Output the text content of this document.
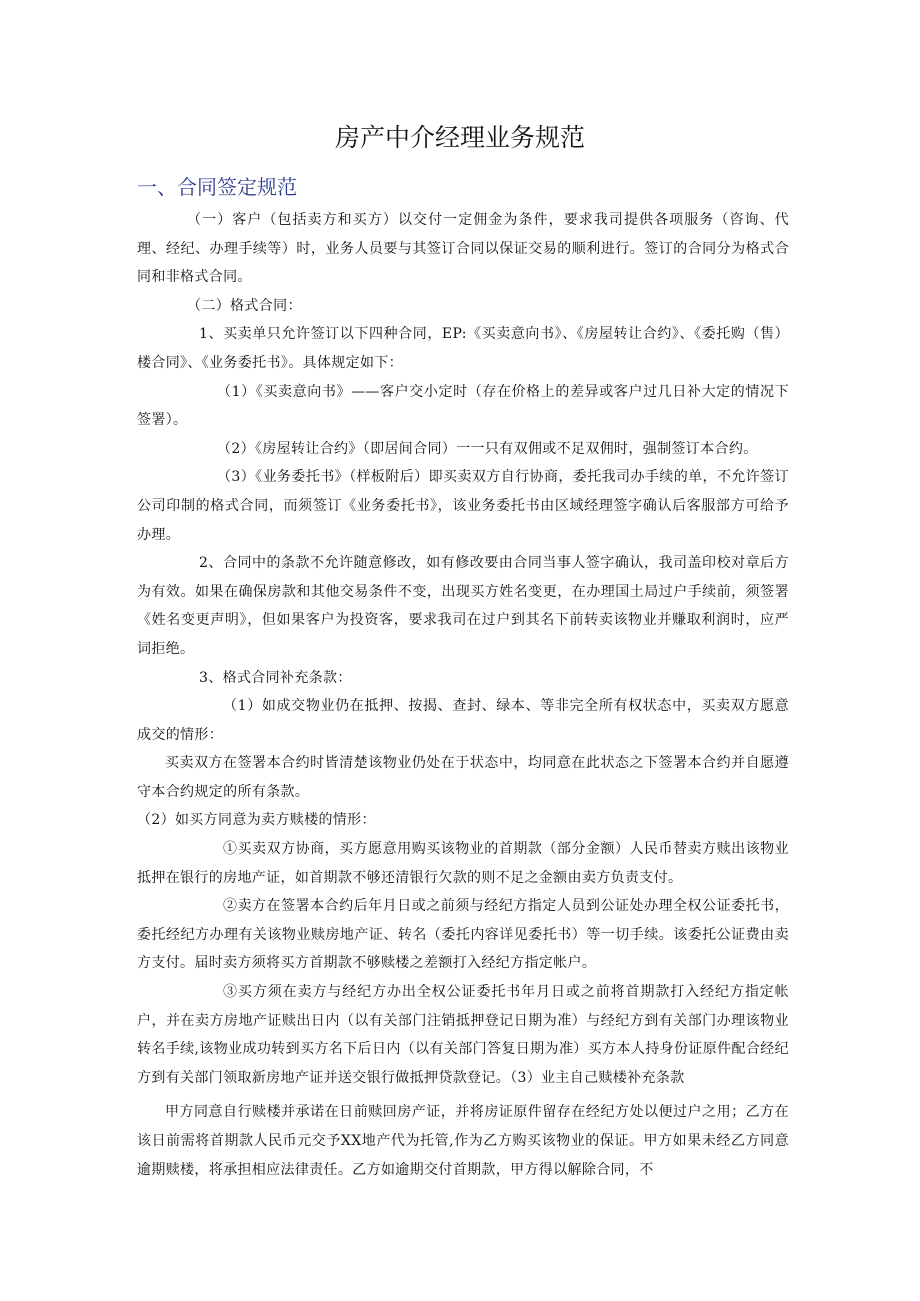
房产中介经理业务规范
一、合同签定规范

（一）客户（包括卖方和买方）以交付一定佣金为条件，要求我司提供各项服务（咨询、代理、经纪、办理手续等）时，业务人员要与其签订合同以保证交易的顺利进行。签订的合同分为格式合同和非格式合同。

（二）格式合同：

1、买卖单只允许签订以下四种合同，EP:《买卖意向书》、《房屋转让合约》、《委托购（售）楼合同》、《业务委托书》。具体规定如下：

（1）《买卖意向书》——客户交小定时（存在价格上的差异或客户过几日补大定的情况下签署）。

（2）《房屋转让合约》（即居间合同）一一只有双佣或不足双佣时，强制签订本合约。

（3）《业务委托书》（样板附后）即买卖双方自行协商，委托我司办手续的单，不允许签订公司印制的格式合同，而须签订《业务委托书》，该业务委托书由区域经理签字确认后客服部方可给予办理。

2、合同中的条款不允许随意修改，如有修改要由合同当事人签字确认，我司盖印校对章后方为有效。如果在确保房款和其他交易条件不变，出现买方姓名变更，在办理国土局过户手续前，须签署《姓名变更声明》，但如果客户为投资客，要求我司在过户到其名下前转卖该物业并赚取利润时，应严词拒绝。

3、格式合同补充条款：

（1）如成交物业仍在抵押、按揭、查封、绿本、等非完全所有权状态中，买卖双方愿意成交的情形：

买卖双方在签署本合约时皆清楚该物业仍处在于状态中，均同意在此状态之下签署本合约并自愿遵守本合约规定的所有条款。

（2）如买方同意为卖方赎楼的情形：

①买卖双方协商，买方愿意用购买该物业的首期款（部分金额）人民币替卖方赎出该物业抵押在银行的房地产证，如首期款不够还清银行欠款的则不足之金额由卖方负责支付。

②卖方在签署本合约后年月日或之前须与经纪方指定人员到公证处办理全权公证委托书，委托经纪方办理有关该物业赎房地产证、转名（委托内容详见委托书）等一切手续。该委托公证费由卖方支付。届时卖方须将买方首期款不够赎楼之差额打入经纪方指定帐户。

③买方须在卖方与经纪方办出全权公证委托书年月日或之前将首期款打入经纪方指定帐户，并在卖方房地产证赎出日内（以有关部门注销抵押登记日期为准）与经纪方到有关部门办理该物业转名手续,该物业成功转到买方名下后日内（以有关部门答复日期为准）买方本人持身份证原件配合经纪方到有关部门领取新房地产证并送交银行做抵押贷款登记。（3）业主自己赎楼补充条款

甲方同意自行赎楼并承诺在日前赎回房产证，并将房证原件留存在经纪方处以便过户之用；乙方在该日前需将首期款人民币元交予XX地产代为托管,作为乙方购买该物业的保证。甲方如果未经乙方同意逾期赎楼，将承担相应法律责任。乙方如逾期交付首期款，甲方得以解除合同，不
